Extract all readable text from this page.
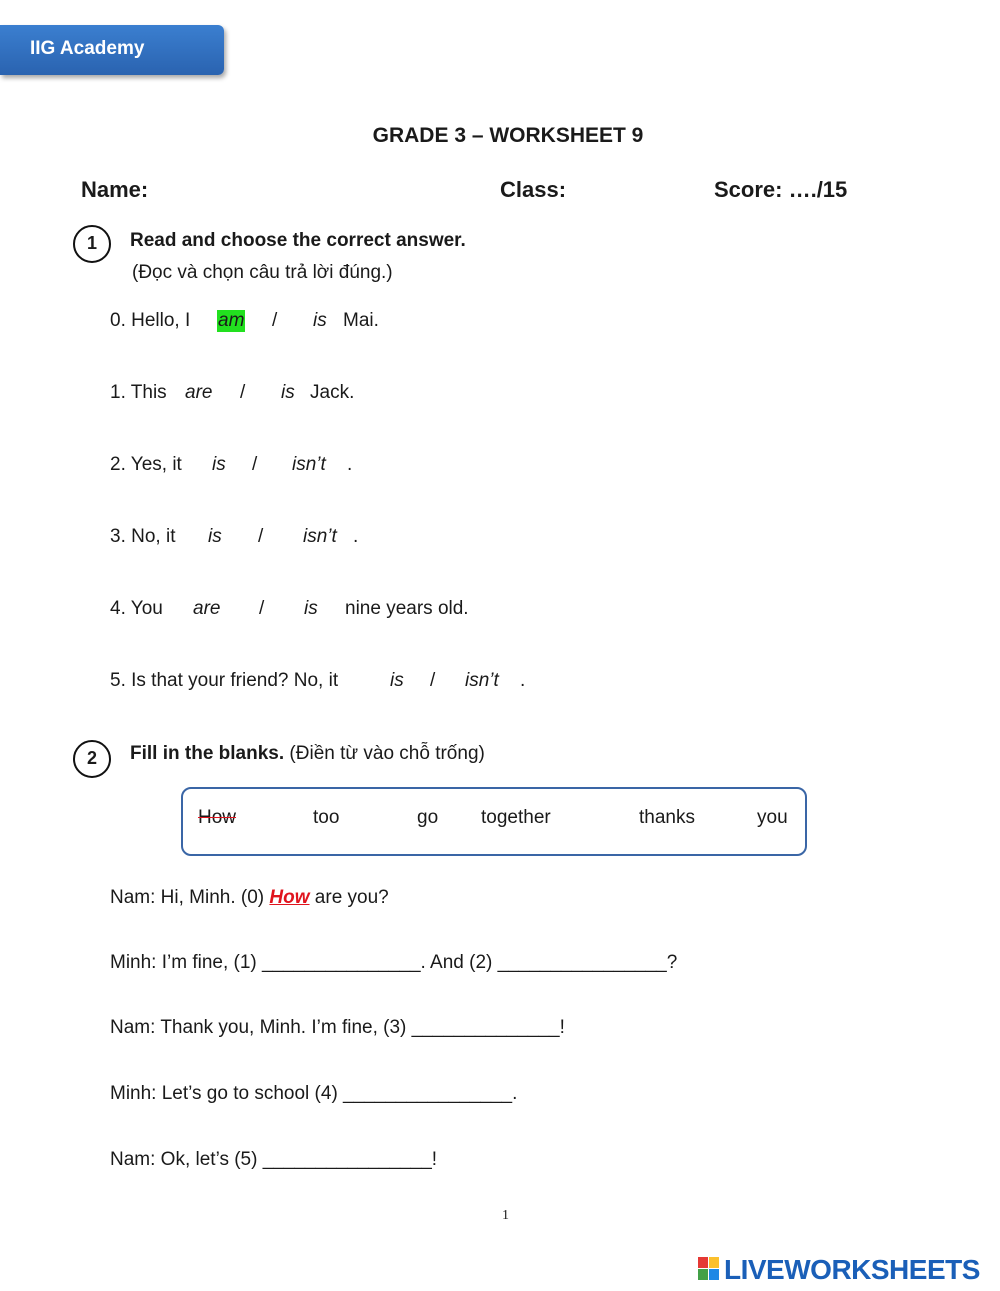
IIG Academy
GRADE 3 – WORKSHEET 9
Name:	Class:	Score: …./15
1	Read and choose the correct answer.
(Đọc và chọn câu trả lời đúng.)
0. Hello, I am / is Mai.
1. This are / is Jack.
2. Yes, it is / isn’t .
3. No, it is / isn’t .
4. You are / is nine years old.
5. Is that your friend? No, it	is / isn’t .
2	Fill in the blanks. (Điền từ vào chỗ trống)
How	too	go together	thanks	you
Nam: Hi, Minh. (0) How are you?
Minh: I’m fine, (1) _______________. And (2) ________________?
Nam: Thank you, Minh. I’m fine, (3) ______________!
Minh: Let’s go to school (4) ________________.
Nam: Ok, let’s (5) ________________!
1
LIVEWORKSHEETS
